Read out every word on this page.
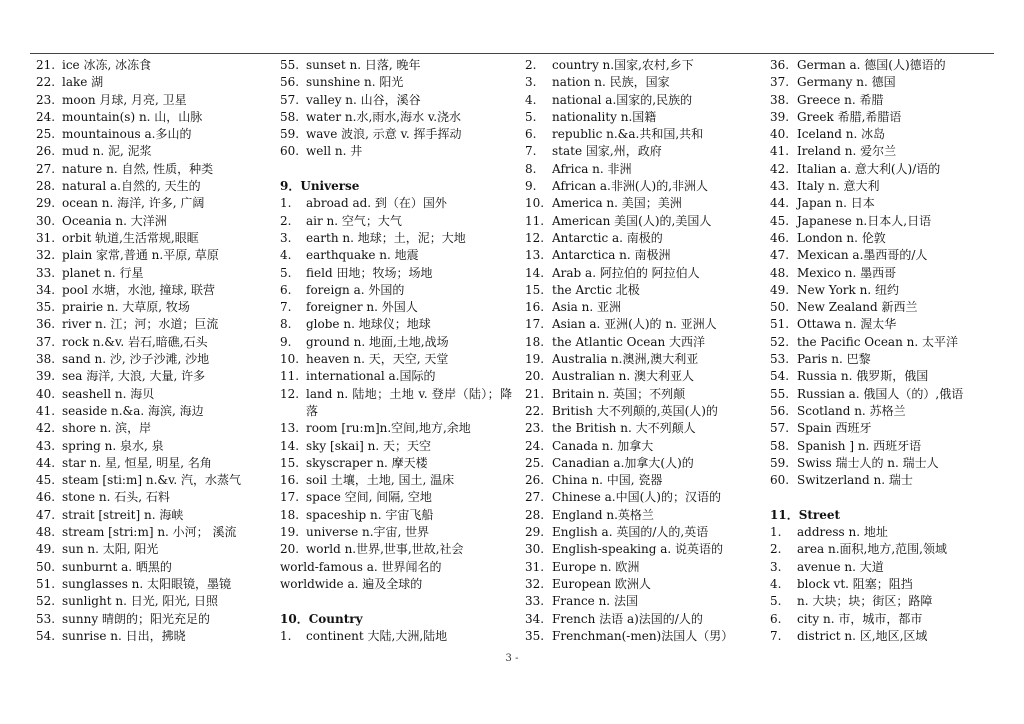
21. ice 冰冻, 冰冻食
22. lake 湖
23. moon 月球, 月亮, 卫星
24. mountain(s) n. 山，山脉
25. mountainous a.多山的
26. mud n. 泥, 泥浆
27. nature n. 自然, 性质，种类
28. natural a.自然的, 天生的
29. ocean n. 海洋, 许多, 广阔
30. Oceania n. 大洋洲
31. orbit 轨道,生活常规,眼眶
32. plain 家常,普通 n.平原, 草原
33. planet n. 行星
34. pool 水塘，水池, 撞球, 联营
35. prairie n. 大草原, 牧场
36. river n. 江；河；水道；巨流
37. rock n.&v. 岩石,暗礁,石头
38. sand n. 沙, 沙子沙滩, 沙地
39. sea 海洋, 大浪, 大量, 许多
40. seashell n. 海贝
41. seaside n.&a. 海滨, 海边
42. shore n. 滨，岸
43. spring n. 泉水, 泉
44. star n. 星, 恒星, 明星, 名角
45. steam [sti:m] n.&v. 汽，水蒸气
46. stone n. 石头, 石料
47. strait [streit] n. 海峡
48. stream [stri:m] n. 小河； 溪流
49. sun n. 太阳, 阳光
50. sunburnt a. 晒黑的
51. sunglasses n. 太阳眼镜，墨镜
52. sunlight n. 日光, 阳光, 日照
53. sunny 晴朗的；阳光充足的
54. sunrise n. 日出，拂晓
55. sunset n. 日落, 晚年
56. sunshine n. 阳光
57. valley n. 山谷，溪谷
58. water n.水,雨水,海水 v.浇水
59. wave 波浪, 示意 v. 挥手挥动
60. well n. 井
9．Universe
1.	abroad ad. 到（在）国外
2.	air n. 空气；大气
3.	earth n. 地球；土，泥；大地
4.	earthquake n. 地震
5.	field 田地；牧场；场地
6.	foreign a. 外国的
7.	foreigner n. 外国人
8.	globe n. 地球仪；地球
9.	ground n. 地面,土地,战场
10. heaven n. 天，天空, 天堂
11. international a.国际的
12. land n. 陆地；土地 v. 登岸（陆）；降落
13. room [ru:m]n.空间,地方,余地
14. sky [skai] n. 天；天空
15. skyscraper n. 摩天楼
16. soil 土壤，土地, 国土, 温床
17. space 空间, 间隔, 空地
18. spaceship n. 宇宙飞船
19. universe n.宇宙, 世界
20. world n.世界,世事,世故,社会
world-famous a. 世界闻名的
worldwide a. 遍及全球的
10．Country
1.	continent 大陆,大洲,陆地
2.	country n.国家,农村,乡下
3.	nation n. 民族，国家
4.	national a.国家的,民族的
5.	nationality n.国籍
6.	republic n.&a.共和国,共和
7.	state 国家,州，政府
8.	Africa n. 非洲
9.	African a.非洲(人)的,非洲人
10. America n. 美国；美洲
11. American 美国(人)的,美国人
12. Antarctic a. 南极的
13. Antarctica n. 南极洲
14. Arab a. 阿拉伯的 阿拉伯人
15. the Arctic 北极
16. Asia n. 亚洲
17. Asian a. 亚洲(人)的 n. 亚洲人
18. the Atlantic Ocean 大西洋
19. Australia n.澳洲,澳大利亚
20. Australian n. 澳大利亚人
21. Britain n. 英国；不列颠
22. British 大不列颠的,英国(人)的
23. the British n. 大不列颠人
24. Canada n. 加拿大
25. Canadian a.加拿大(人)的
26. China n. 中国, 瓷器
27. Chinese a.中国(人)的；汉语的
28. England n.英格兰
29. English a. 英国的/人的,英语
30. English-speaking a. 说英语的
31. Europe n. 欧洲
32. European 欧洲人
33. France n. 法国
34. French 法语 a)法国的/人的
35. Frenchman(-men)法国人（男）
36. German a. 德国(人)德语的
37. Germany n. 德国
38. Greece n. 希腊
39. Greek 希腊,希腊语
40. Iceland n. 冰岛
41. Ireland n. 爱尔兰
42. Italian a. 意大利(人)/语的
43. Italy n. 意大利
44. Japan n. 日本
45. Japanese n.日本人,日语
46. London n. 伦敦
47. Mexican a.墨西哥的/人
48. Mexico n. 墨西哥
49. New York n. 纽约
50. New Zealand 新西兰
51. Ottawa n. 渥太华
52. the Pacific Ocean n. 太平洋
53. Paris n. 巴黎
54. Russia n. 俄罗斯，俄国
55. Russian a. 俄国人（的）,俄语
56. Scotland n. 苏格兰
57. Spain 西班牙
58. Spanish ] n. 西班牙语
59. Swiss 瑞士人的 n. 瑞士人
60. Switzerland n. 瑞士
11．Street
1.	address n. 地址
2.	area n.面积,地方,范围,领域
3.	avenue n. 大道
4.	block vt. 阻塞；阻挡
5.	n. 大块；块；街区；路障
6.	city n. 市，城市，都市
7.	district n. 区,地区,区域
3 -
